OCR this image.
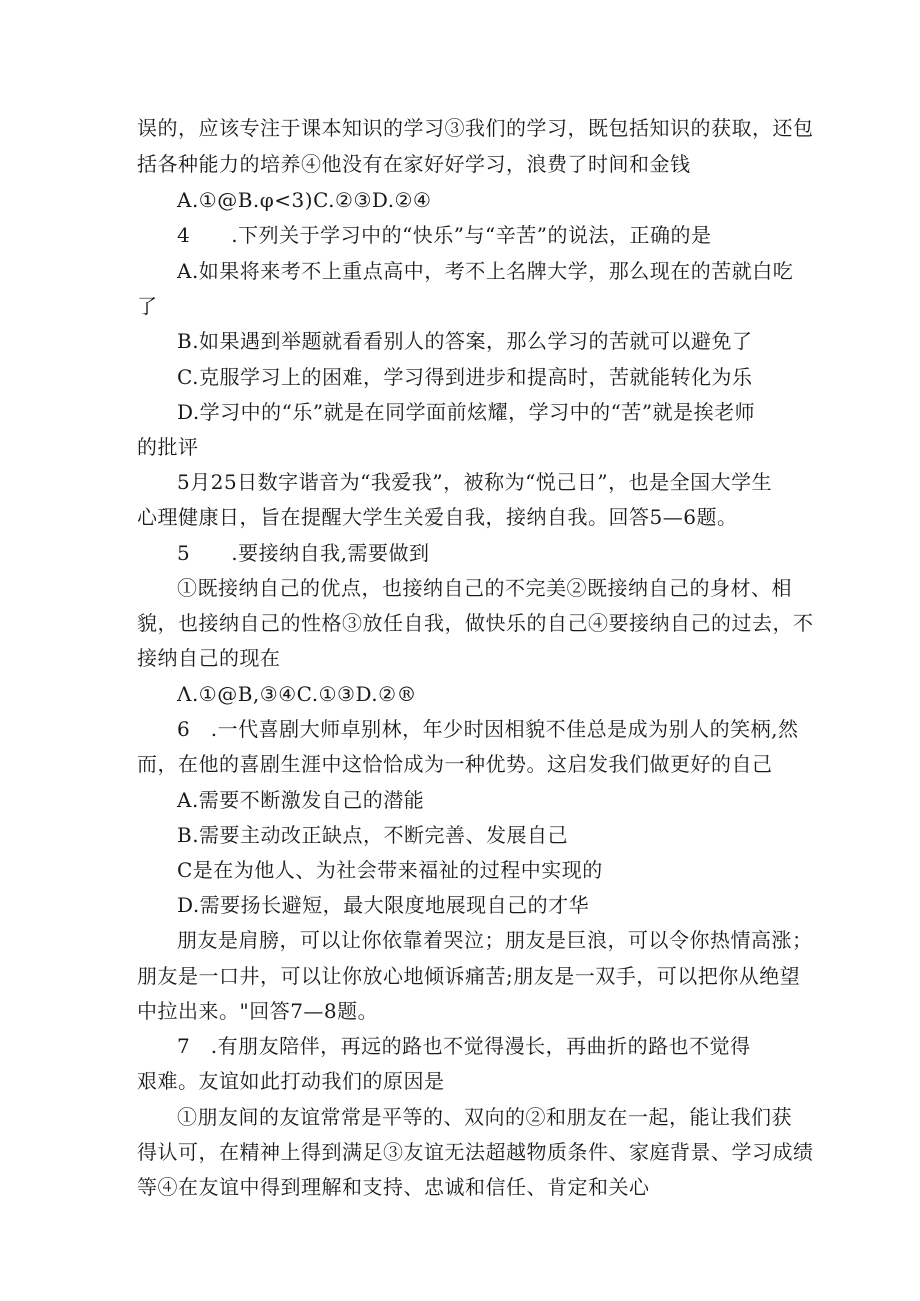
误的，应该专注于课本知识的学习③我们的学习，既包括知识的获取，还包
括各种能力的培养④他没有在家好好学习，浪费了时间和金钱
A.①@B.φ<3)C.②③D.②④
4　　.下列关于学习中的“快乐”与“辛苦”的说法，正确的是
A.如果将来考不上重点高中，考不上名牌大学，那么现在的苦就白吃
了
B.如果遇到举题就看看别人的答案，那么学习的苦就可以避免了
C.克服学习上的困难，学习得到进步和提高时，苦就能转化为乐
D.学习中的“乐”就是在同学面前炫耀，学习中的“苦”就是挨老师
的批评
5月25日数字谐音为“我爱我”，被称为“悦己日”，也是全国大学生
心理健康日，旨在提醒大学生关爱自我，接纳自我。回答5—6题。
5　　.要接纳自我,需要做到
①既接纳自己的优点，也接纳自己的不完美②既接纳自己的身材、相
貌，也接纳自己的性格③放任自我，做快乐的自己④要接纳自己的过去，不
接纳自己的现在
Λ.①@B,③④C.①③D.②®
6　.一代喜剧大师卓别林，年少时因相貌不佳总是成为别人的笑柄,然
而，在他的喜剧生涯中这恰恰成为一种优势。这启发我们做更好的自己
A.需要不断激发自己的潜能
B.需要主动改正缺点，不断完善、发展自己
C是在为他人、为社会带来福祉的过程中实现的
D.需要扬长避短，最大限度地展现自己的才华
朋友是肩膀，可以让你依靠着哭泣；朋友是巨浪，可以令你热情高涨；
朋友是一口井，可以让你放心地倾诉痛苦;朋友是一双手，可以把你从绝望
中拉出来。"回答7—8题。
7　.有朋友陪伴，再远的路也不觉得漫长，再曲折的路也不觉得
艰难。友谊如此打动我们的原因是
①朋友间的友谊常常是平等的、双向的②和朋友在一起，能让我们获
得认可，在精神上得到满足③友谊无法超越物质条件、家庭背景、学习成绩
等④在友谊中得到理解和支持、忠诚和信任、肯定和关心
